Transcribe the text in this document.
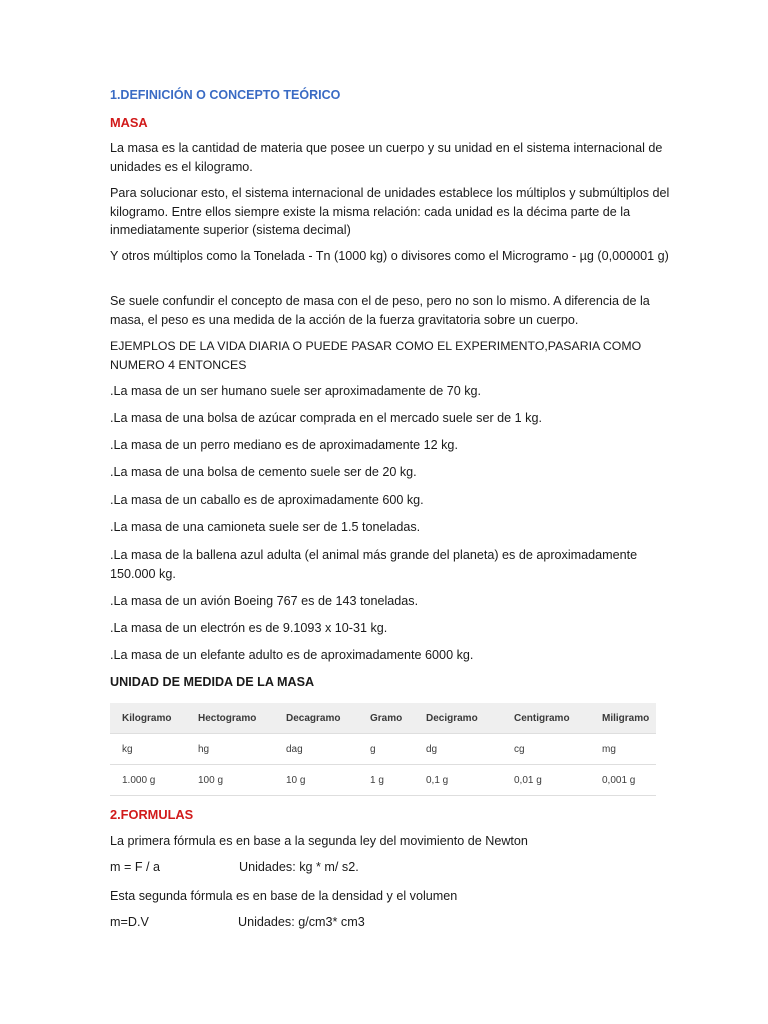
1.DEFINICIÓN O CONCEPTO TEÓRICO

MASA

La masa es la cantidad de materia que posee un cuerpo y su unidad en el sistema internacional de unidades es el kilogramo.

Para solucionar esto, el sistema internacional de unidades establece los múltiplos y submúltiplos del kilogramo. Entre ellos siempre existe la misma relación: cada unidad es la décima parte de la inmediatamente superior (sistema decimal)

Y otros múltiplos como la Tonelada - Tn (1000 kg) o divisores como el Microgramo - µg (0,000001 g)

Se suele confundir el concepto de masa con el de peso, pero no son lo mismo. A diferencia de la masa, el peso es una medida de la acción de la fuerza gravitatoria sobre un cuerpo.

EJEMPLOS DE LA VIDA DIARIA O PUEDE PASAR COMO EL EXPERIMENTO,PASARIA COMO NUMERO 4 ENTONCES

.La masa de un ser humano suele ser aproximadamente de 70 kg.

.La masa de una bolsa de azúcar comprada en el mercado suele ser de 1 kg.

.La masa de un perro mediano es de aproximadamente 12 kg.

.La masa de una bolsa de cemento suele ser de 20 kg.

.La masa de un caballo es de aproximadamente 600 kg.

.La masa de una camioneta suele ser de 1.5 toneladas.

.La masa de la ballena azul adulta (el animal más grande del planeta) es de aproximadamente 150.000 kg.

.La masa de un avión Boeing 767 es de 143 toneladas.

.La masa de un electrón es de 9.1093 x 10-31 kg.

.La masa de un elefante adulto es de aproximadamente 6000 kg.

UNIDAD DE MEDIDA DE LA MASA

Kilogramo	Hectogramo	Decagramo	Gramo	Decigramo	Centigramo	Miligramo
kg	hg	dag	g	dg	cg	mg
1.000 g	100 g	10 g	1 g	0,1 g	0,01 g	0,001 g

2.FORMULAS

La primera fórmula es en base a la segunda ley del movimiento de Newton

m = F / a	Unidades: kg * m/ s2.

Esta segunda fórmula es en base de la densidad y el volumen

m=D.V	Unidades: g/cm3* cm3
